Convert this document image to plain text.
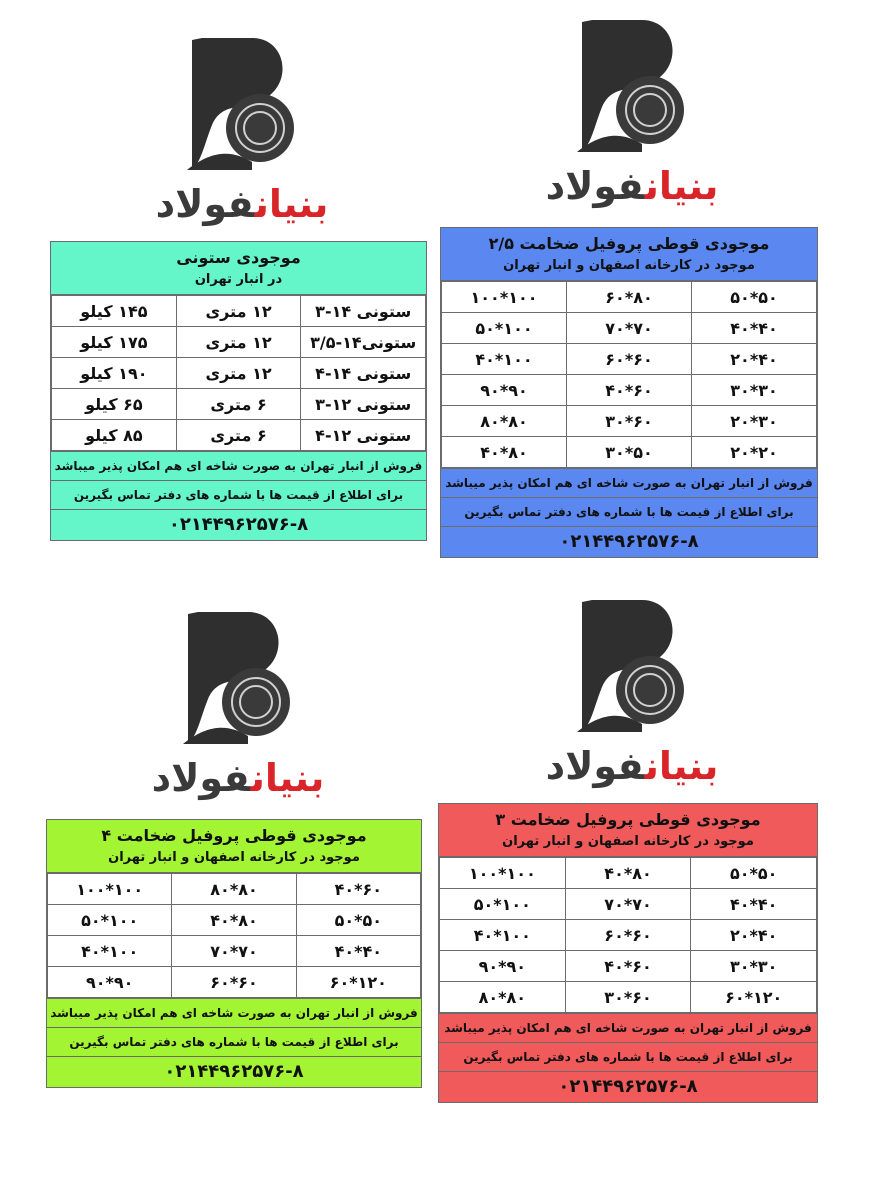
بنیانفولاد	بنیانفولاد
بنیانفولاد	بنیانفولاد
موجودی ستونی
در انبار تهران
ستونی ۱۴-۳	۱۲ متری	۱۴۵ کیلو
ستونی۱۴-۳/۵	۱۲ متری	۱۷۵ کیلو
ستونی ۱۴-۴	۱۲ متری	۱۹۰ کیلو
ستونی ۱۲-۳	۶ متری	۶۵ کیلو
ستونی ۱۲-۴	۶ متری	۸۵ کیلو
فروش از انبار تهران به صورت شاخه ای هم امکان پذیر میباشد
برای اطلاع از قیمت ها با شماره های دفتر تماس بگیرین
۰۲۱۴۴۹۶۲۵۷۶-۸
موجودی قوطی پروفیل ضخامت ۲/۵
موجود در کارخانه اصفهان و انبار تهران
۵۰*۵۰	۸۰*۶۰	۱۰۰*۱۰۰
۴۰*۴۰	۷۰*۷۰	۱۰۰*۵۰
۴۰*۲۰	۶۰*۶۰	۱۰۰*۴۰
۳۰*۳۰	۶۰*۴۰	۹۰*۹۰
۳۰*۲۰	۶۰*۳۰	۸۰*۸۰
۲۰*۲۰	۵۰*۳۰	۸۰*۴۰
فروش از انبار تهران به صورت شاخه ای هم امکان پذیر میباشد
برای اطلاع از قیمت ها با شماره های دفتر تماس بگیرین
۰۲۱۴۴۹۶۲۵۷۶-۸
موجودی قوطی پروفیل ضخامت ۴
موجود در کارخانه اصفهان و انبار تهران
۶۰*۴۰	۸۰*۸۰	۱۰۰*۱۰۰
۵۰*۵۰	۸۰*۴۰	۱۰۰*۵۰
۴۰*۴۰	۷۰*۷۰	۱۰۰*۴۰
۱۲۰*۶۰	۶۰*۶۰	۹۰*۹۰
فروش از انبار تهران به صورت شاخه ای هم امکان پذیر میباشد
برای اطلاع از قیمت ها با شماره های دفتر تماس بگیرین
۰۲۱۴۴۹۶۲۵۷۶-۸
موجودی قوطی پروفیل ضخامت ۳
موجود در کارخانه اصفهان و انبار تهران
۵۰*۵۰	۸۰*۴۰	۱۰۰*۱۰۰
۴۰*۴۰	۷۰*۷۰	۱۰۰*۵۰
۴۰*۲۰	۶۰*۶۰	۱۰۰*۴۰
۳۰*۳۰	۶۰*۴۰	۹۰*۹۰
۱۲۰*۶۰	۶۰*۳۰	۸۰*۸۰
فروش از انبار تهران به صورت شاخه ای هم امکان پذیر میباشد
برای اطلاع از قیمت ها با شماره های دفتر تماس بگیرین
۰۲۱۴۴۹۶۲۵۷۶-۸
